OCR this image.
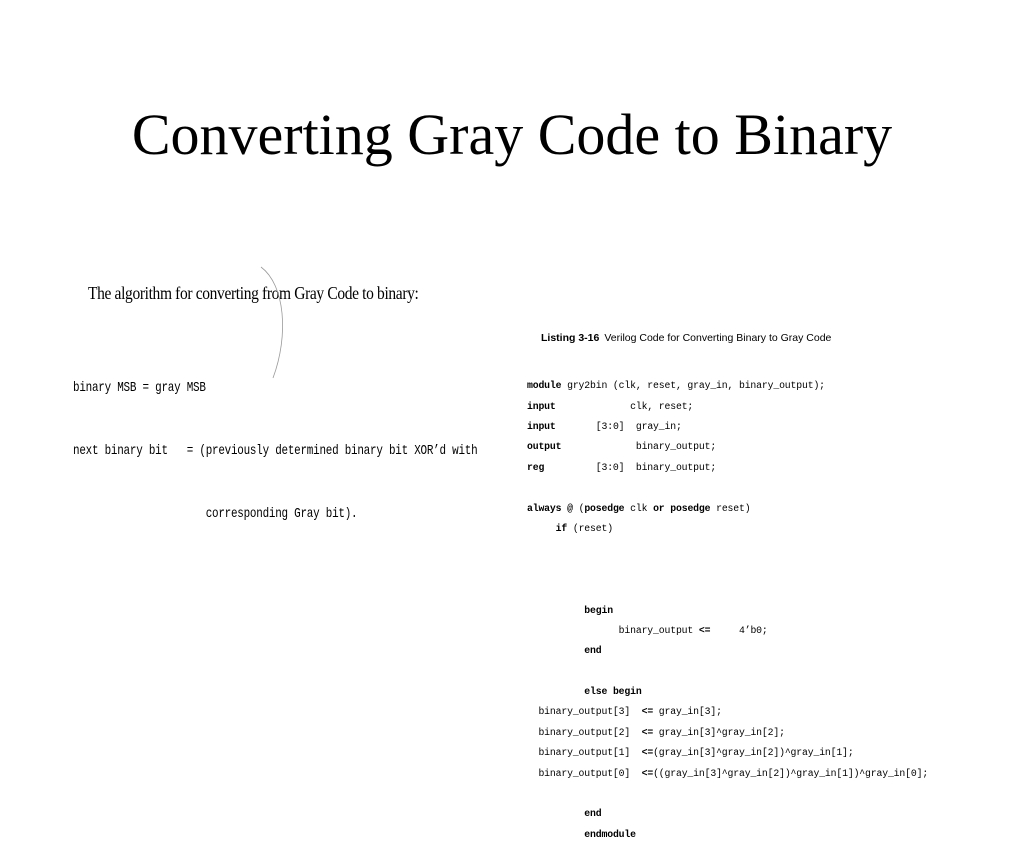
Converting Gray Code to Binary
The algorithm for converting from Gray Code to binary:

binary MSB = gray MSB

next binary bit   = (previously determined binary bit XOR’d with

corresponding Gray bit).

Listing 3-16 Verilog Code for Converting Binary to Gray Code

module gry2bin (clk, reset, gray_in, binary_output);

input             clk, reset;

input       [3:0]  gray_in;

output             binary_output;

reg         [3:0]  binary_output;

always @ (posedge clk or posedge reset)

if (reset)

begin

binary_output <=     4’b0;

end

else begin

binary_output[3]  <= gray_in[3];

binary_output[2]  <= gray_in[3]^gray_in[2];

binary_output[1]  <=(gray_in[3]^gray_in[2])^gray_in[1];

binary_output[0]  <=((gray_in[3]^gray_in[2])^gray_in[1])^gray_in[0];

end

endmodule
